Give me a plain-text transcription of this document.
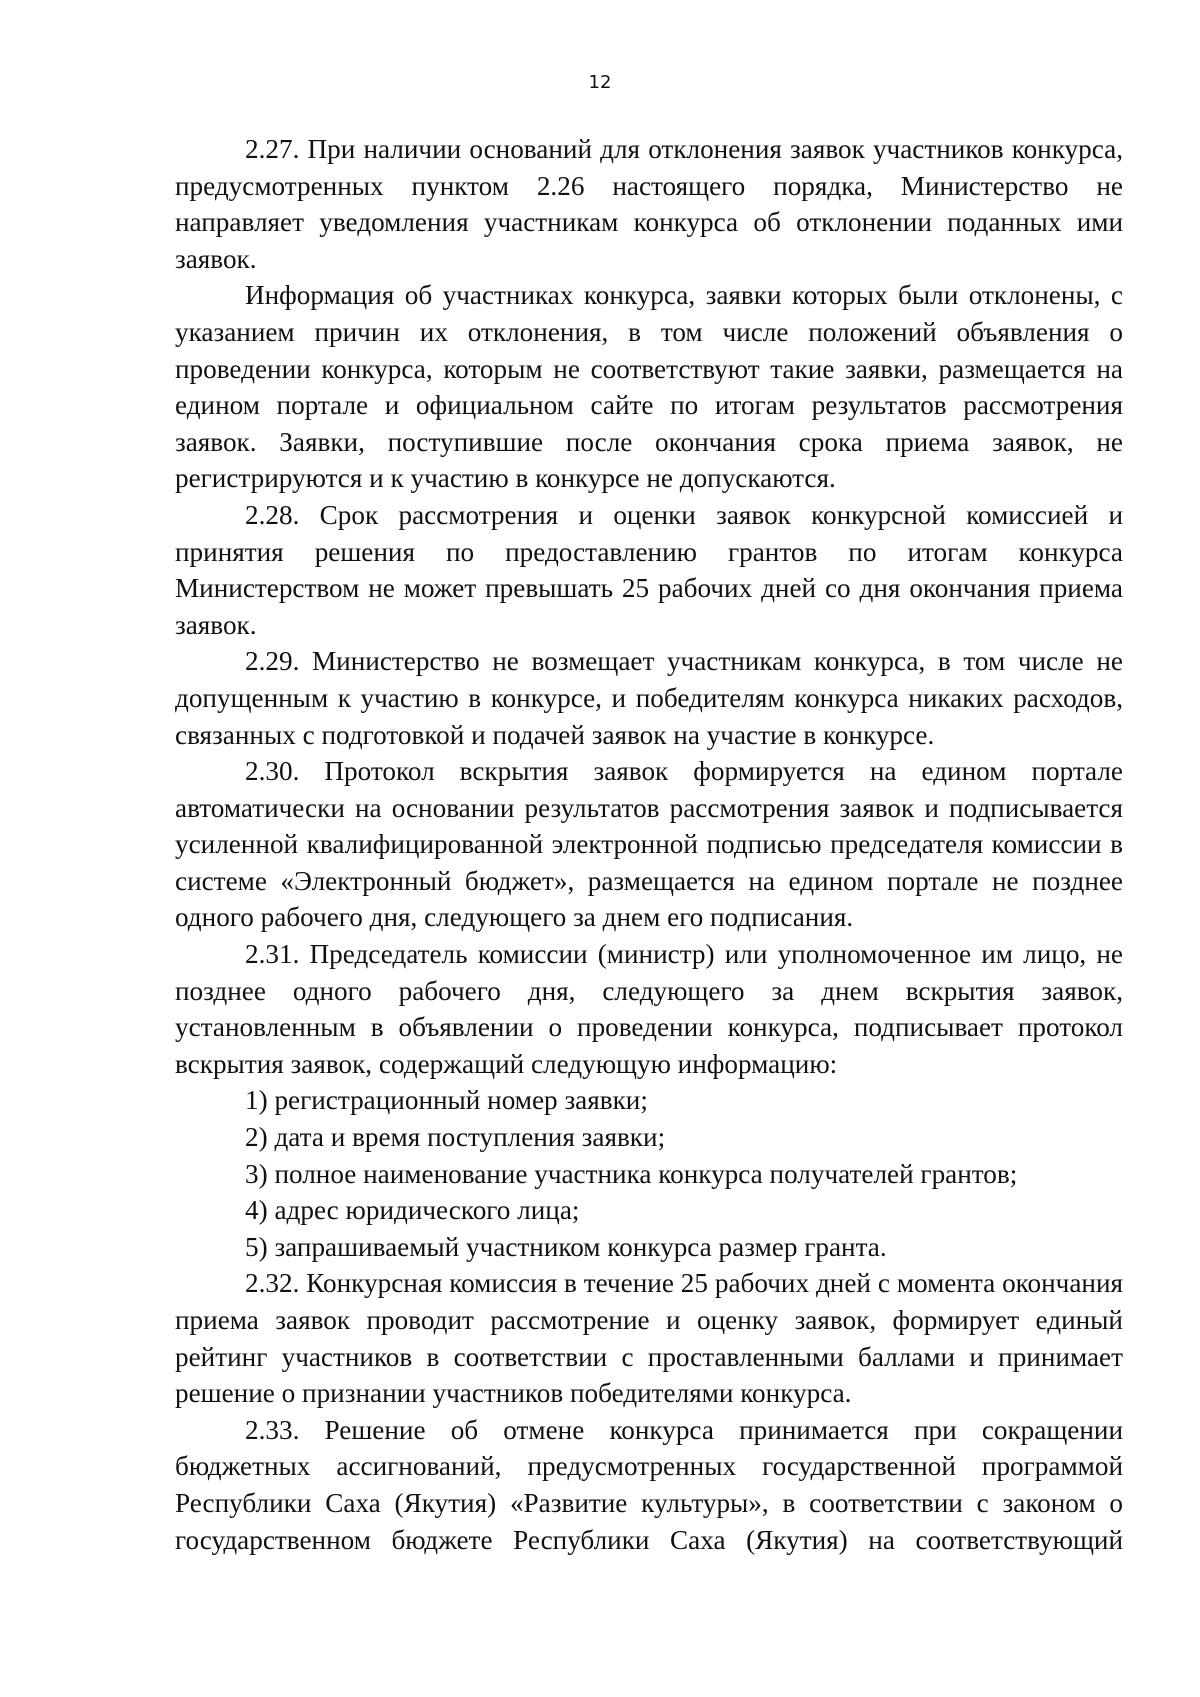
12

2.27. При наличии оснований для отклонения заявок участников конкурса, предусмотренных пунктом 2.26 настоящего порядка, Министерство не направляет уведомления участникам конкурса об отклонении поданных ими заявок.

Информация об участниках конкурса, заявки которых были отклонены, с указанием причин их отклонения, в том числе положений объявления о проведении конкурса, которым не соответствуют такие заявки, размещается на едином портале и официальном сайте по итогам результатов рассмотрения заявок. Заявки, поступившие после окончания срока приема заявок, не регистрируются и к участию в конкурсе не допускаются.

2.28. Срок рассмотрения и оценки заявок конкурсной комиссией и принятия решения по предоставлению грантов по итогам конкурса Министерством не может превышать 25 рабочих дней со дня окончания приема заявок.

2.29. Министерство не возмещает участникам конкурса, в том числе не допущенным к участию в конкурсе, и победителям конкурса никаких расходов, связанных с подготовкой и подачей заявок на участие в конкурсе.

2.30. Протокол вскрытия заявок формируется на едином портале автоматически на основании результатов рассмотрения заявок и подписывается усиленной квалифицированной электронной подписью председателя комиссии в системе «Электронный бюджет», размещается на едином портале не позднее одного рабочего дня, следующего за днем его подписания.

2.31. Председатель комиссии (министр) или уполномоченное им лицо, не позднее одного рабочего дня, следующего за днем вскрытия заявок, установленным в объявлении о проведении конкурса, подписывает протокол вскрытия заявок, содержащий следующую информацию:

1) регистрационный номер заявки;

2) дата и время поступления заявки;

3) полное наименование участника конкурса получателей грантов;

4) адрес юридического лица;

5) запрашиваемый участником конкурса размер гранта.

2.32. Конкурсная комиссия в течение 25 рабочих дней с момента окончания приема заявок проводит рассмотрение и оценку заявок, формирует единый рейтинг участников в соответствии с проставленными баллами и принимает решение о признании участников победителями конкурса.

2.33. Решение об отмене конкурса принимается при сокращении бюджетных ассигнований, предусмотренных государственной программой Республики Саха (Якутия) «Развитие культуры», в соответствии с законом о государственном бюджете Республики Саха (Якутия) на соответствующий
